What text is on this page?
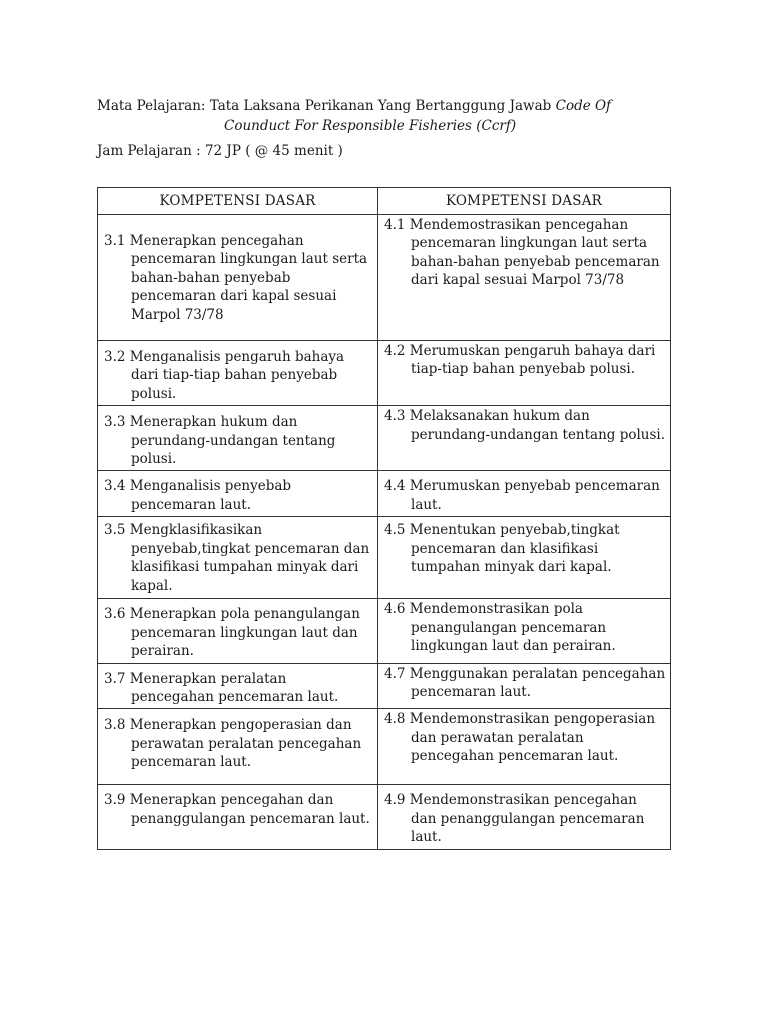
Mata Pelajaran: Tata Laksana Perikanan Yang Bertanggung Jawab Code Of
Counduct For Responsible Fisheries (Ccrf)
Jam Pelajaran : 72 JP ( @ 45 menit )
KOMPETENSI DASAR	KOMPETENSI DASAR

3.1 Menerapkan pencegahan pencemaran lingkungan laut serta bahan-bahan penyebab pencemaran dari kapal sesuai Marpol 73/78	4.1 Mendemostrasikan pencegahan pencemaran lingkungan laut serta bahan-bahan penyebab pencemaran dari kapal sesuai Marpol 73/78

3.2 Menganalisis pengaruh bahaya dari tiap-tiap bahan penyebab polusi.	4.2 Merumuskan pengaruh bahaya dari tiap-tiap bahan penyebab polusi.

3.3 Menerapkan hukum dan perundang-undangan tentang polusi.	4.3 Melaksanakan hukum dan perundang-undangan tentang polusi.

3.4 Menganalisis penyebab pencemaran laut.	4.4 Merumuskan penyebab pencemaran laut.

3.5 Mengklasifikasikan penyebab,tingkat pencemaran dan klasifikasi tumpahan minyak dari kapal.	4.5 Menentukan penyebab,tingkat pencemaran dan klasifikasi tumpahan minyak dari kapal.

3.6 Menerapkan pola penangulangan pencemaran lingkungan laut dan perairan.	4.6 Mendemonstrasikan pola penangulangan pencemaran lingkungan laut dan perairan.

3.7 Menerapkan peralatan pencegahan pencemaran laut.	4.7 Menggunakan peralatan pencegahan pencemaran laut.

3.8 Menerapkan pengoperasian dan perawatan peralatan pencegahan pencemaran laut.	4.8 Mendemonstrasikan pengoperasian dan perawatan peralatan pencegahan pencemaran laut.

3.9 Menerapkan pencegahan dan penanggulangan pencemaran laut.	4.9 Mendemonstrasikan pencegahan dan penanggulangan pencemaran laut.
